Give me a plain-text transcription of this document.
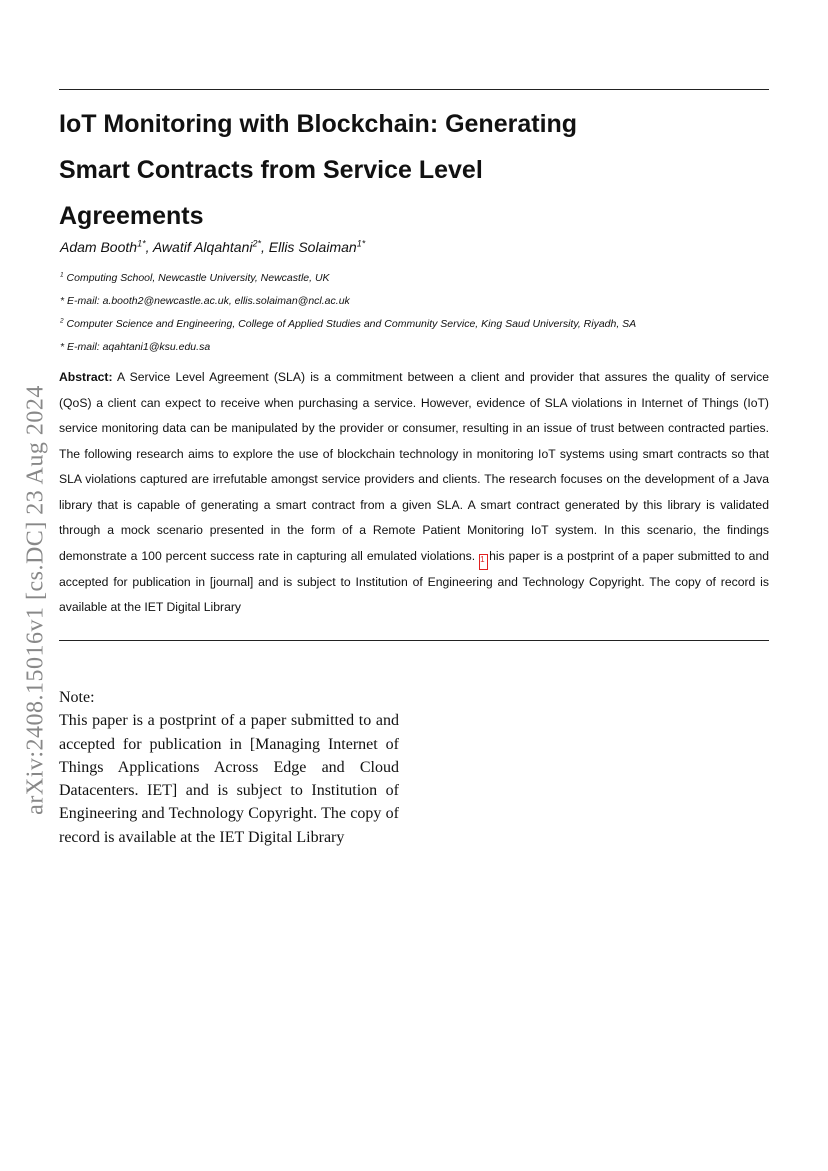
IoT Monitoring with Blockchain: Generating Smart Contracts from Service Level Agreements
Adam Booth$^{1*}$, Awatif Alqahtani$^{2*}$, Ellis Solaiman$^{1*}$
$^1$ Computing School, Newcastle University, Newcastle, UK
* E-mail: a.booth2@newcastle.ac.uk, ellis.solaiman@ncl.ac.uk
$^2$ Computer Science and Engineering, College of Applied Studies and Community Service, King Saud University, Riyadh, SA
* E-mail: aqahtani1@ksu.edu.sa

Abstract: A Service Level Agreement (SLA) is a commitment between a client and provider that assures the quality of service (QoS) a client can expect to receive when purchasing a service. However, evidence of SLA violations in Internet of Things (IoT) service monitoring data can be manipulated by the provider or consumer, resulting in an issue of trust between contracted parties. The following research aims to explore the use of blockchain technology in monitoring IoT systems using smart contracts so that SLA violations captured are irrefutable amongst service providers and clients. The research focuses on the development of a Java library that is capable of generating a smart contract from a given SLA. A smart contract generated by this library is validated through a mock scenario presented in the form of a Remote Patient Monitoring IoT system. In this scenario, the findings demonstrate a 100 percent success rate in capturing all emulated violations. 1 his paper is a postprint of a paper submitted to and accepted for publication in [journal] and is subject to Institution of Engineering and Technology Copyright. The copy of record is available at the IET Digital Library

Note:

This paper is a postprint of a paper submitted to and accepted for publication in [Managing Internet of Things Applications Across Edge and Cloud Datacenters. IET] and is subject to Institution of Engineering and Technology Copyright. The copy of record is available at the IET Digital Library

arXiv:2408.15016v1 [cs.DC] 23 Aug 2024
